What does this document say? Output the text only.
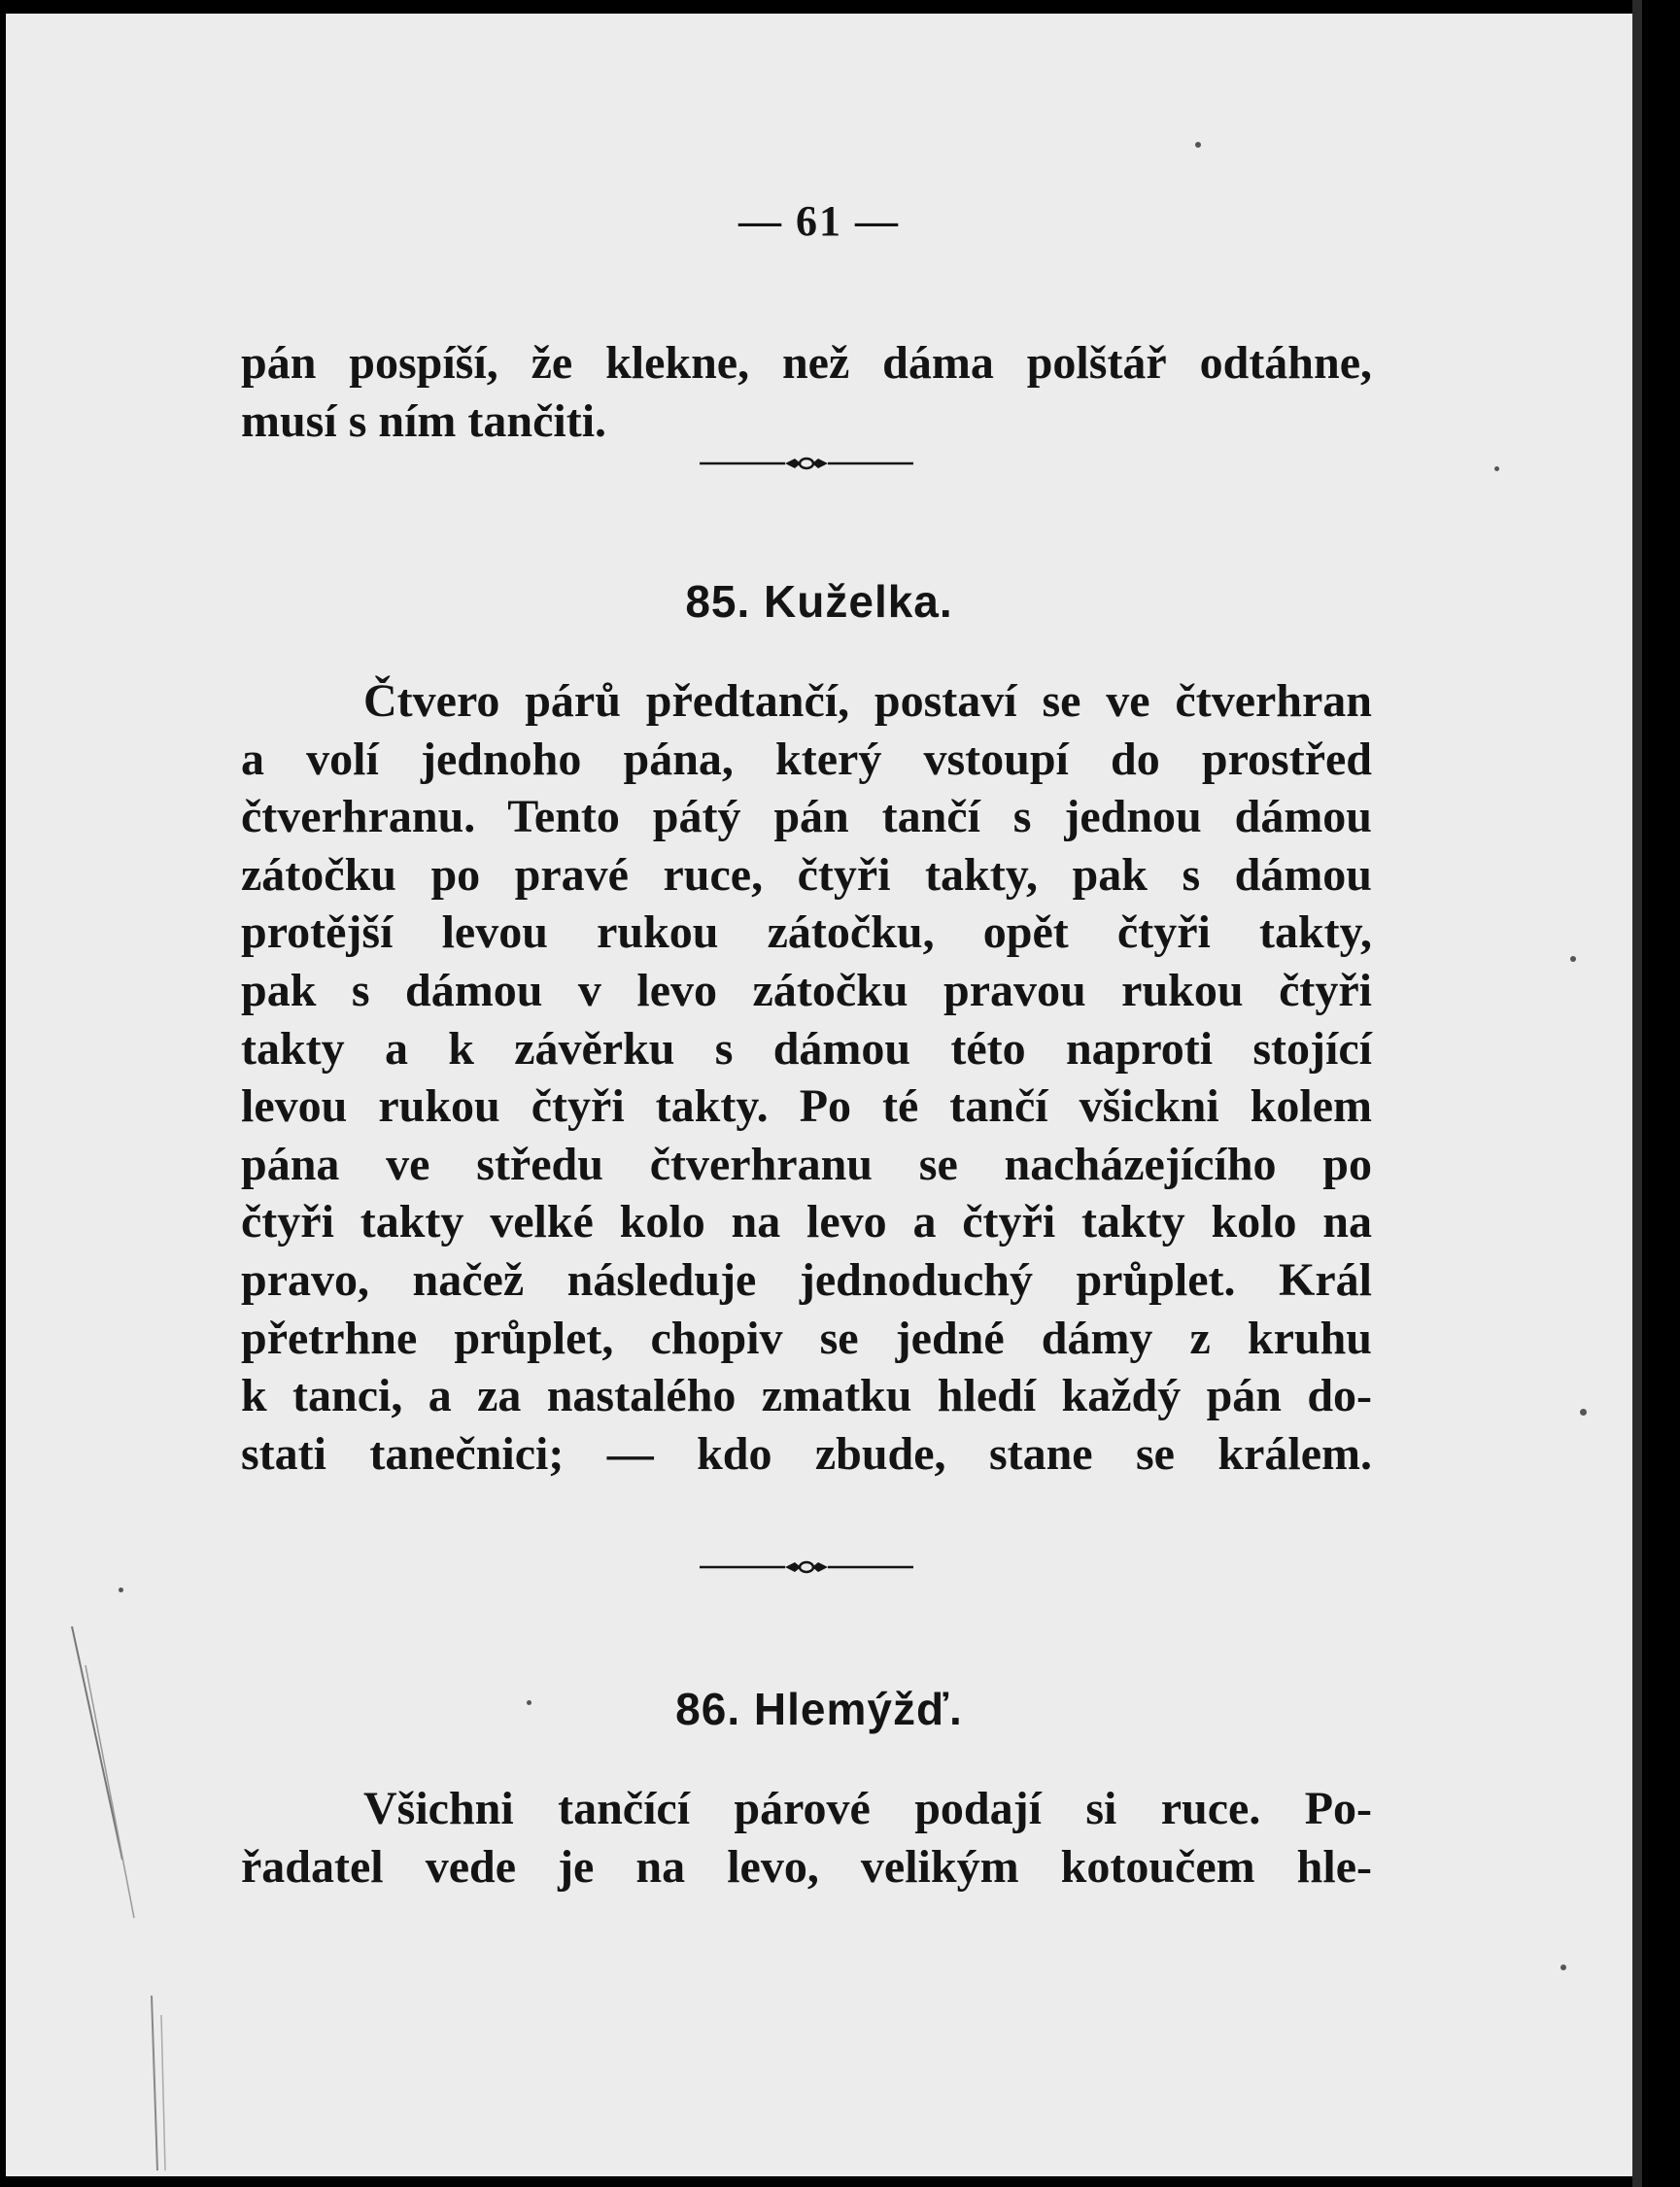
— 61 —
pán pospíší, že klekne, než dáma polštář odtáhne,
musí s ním tančiti.
85. Kuželka.
Čtvero párů předtančí, postaví se ve čtverhran
a volí jednoho pána, který vstoupí do prostřed
čtverhranu. Tento pátý pán tančí s jednou dámou
zátočku po pravé ruce, čtyři takty, pak s dámou
protější levou rukou zátočku, opět čtyři takty,
pak s dámou v levo zátočku pravou rukou čtyři
takty a k závěrku s dámou této naproti stojící
levou rukou čtyři takty. Po té tančí všickni kolem
pána ve středu čtverhranu se nacházejícího po
čtyři takty velké kolo na levo a čtyři takty kolo na
pravo, načež následuje jednoduchý průplet. Král
přetrhne průplet, chopiv se jedné dámy z kruhu
k tanci, a za nastalého zmatku hledí každý pán do-
stati tanečnici; — kdo zbude, stane se králem.
86. Hlemýžď.
Všichni tančící párové podají si ruce. Po-
řadatel vede je na levo, velikým kotoučem hle-
